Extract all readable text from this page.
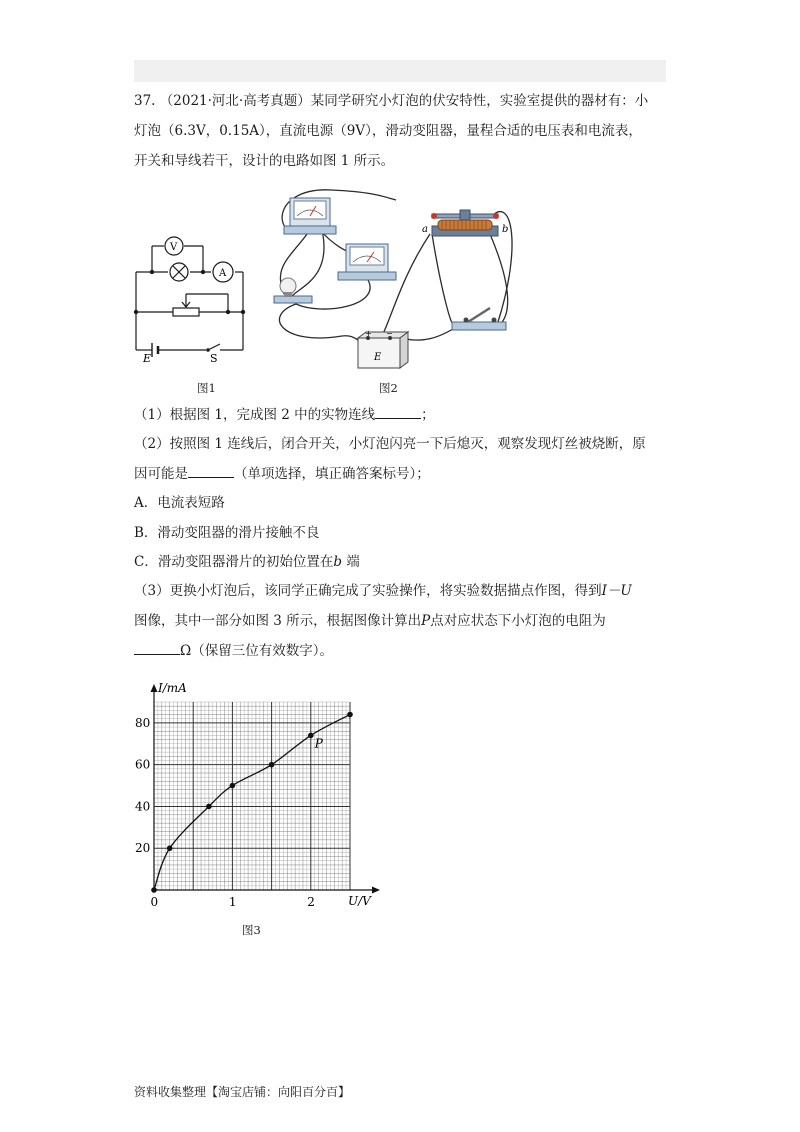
37. （2021·河北·高考真题）某同学研究小灯泡的伏安特性，实验室提供的器材有：小
灯泡（6.3V，0.15A），直流电源（9V），滑动变阻器，量程合适的电压表和电流表，
开关和导线若干，设计的电路如图 1 所示。

V
A
E	S
图1
+ −
E
a	b
图2

（1）根据图 1，完成图 2 中的实物连线	；

（2）按照图 1 连线后，闭合开关，小灯泡闪亮一下后熄灭，观察发现灯丝被烧断，原
因可能是	（单项选择，填正确答案标号）；

A．电流表短路

B．滑动变阻器的滑片接触不良

C．滑动变阻器滑片的初始位置在b 端

（3）更换小灯泡后，该同学正确完成了实验操作，将实验数据描点作图，得到I－U
图像，其中一部分如图 3 所示，根据图像计算出P点对应状态下小灯泡的电阻为
Ω（保留三位有效数字）。

0	1	2
20
40
60
80
P
I/mA
U/V
图3
资料收集整理【淘宝店铺：向阳百分百】
